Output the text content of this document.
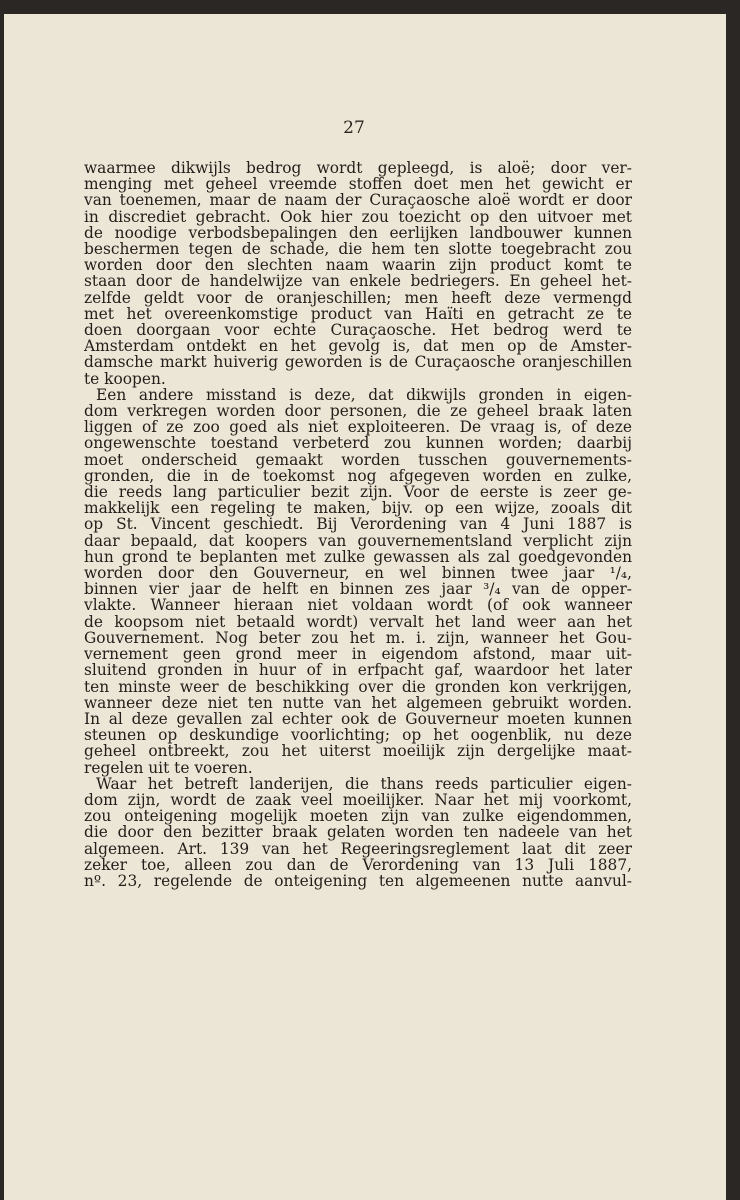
27
waarmee dikwijls bedrog wordt gepleegd, is aloë; door ver-
menging met geheel vreemde stoffen doet men het gewicht er
van toenemen, maar de naam der Curaçaosche aloë wordt er door
in discrediet gebracht. Ook hier zou toezicht op den uitvoer met
de noodige verbodsbepalingen den eerlijken landbouwer kunnen
beschermen tegen de schade, die hem ten slotte toegebracht zou
worden door den slechten naam waarin zijn product komt te
staan door de handelwijze van enkele bedriegers. En geheel het-
zelfde geldt voor de oranjeschillen; men heeft deze vermengd
met het overeenkomstige product van Haïti en getracht ze te
doen doorgaan voor echte Curaçaosche. Het bedrog werd te
Amsterdam ontdekt en het gevolg is, dat men op de Amster-
damsche markt huiverig geworden is de Curaçaosche oranjeschillen
te koopen.
Een andere misstand is deze, dat dikwijls gronden in eigen-
dom verkregen worden door personen, die ze geheel braak laten
liggen of ze zoo goed als niet exploiteeren. De vraag is, of deze
ongewenschte toestand verbeterd zou kunnen worden; daarbij
moet onderscheid gemaakt worden tusschen gouvernements-
gronden, die in de toekomst nog afgegeven worden en zulke,
die reeds lang particulier bezit zijn. Voor de eerste is zeer ge-
makkelijk een regeling te maken, bijv. op een wijze, zooals dit
op St. Vincent geschiedt. Bij Verordening van 4 Juni 1887 is
daar bepaald, dat koopers van gouvernementsland verplicht zijn
hun grond te beplanten met zulke gewassen als zal goedgevonden
worden door den Gouverneur, en wel binnen twee jaar ¹/₄,
binnen vier jaar de helft en binnen zes jaar ³/₄ van de opper-
vlakte. Wanneer hieraan niet voldaan wordt (of ook wanneer
de koopsom niet betaald wordt) vervalt het land weer aan het
Gouvernement. Nog beter zou het m. i. zijn, wanneer het Gou-
vernement geen grond meer in eigendom afstond, maar uit-
sluitend gronden in huur of in erfpacht gaf, waardoor het later
ten minste weer de beschikking over die gronden kon verkrijgen,
wanneer deze niet ten nutte van het algemeen gebruikt worden.
In al deze gevallen zal echter ook de Gouverneur moeten kunnen
steunen op deskundige voorlichting; op het oogenblik, nu deze
geheel ontbreekt, zou het uiterst moeilijk zijn dergelijke maat-
regelen uit te voeren.
Waar het betreft landerijen, die thans reeds particulier eigen-
dom zijn, wordt de zaak veel moeilijker. Naar het mij voorkomt,
zou onteigening mogelijk moeten zijn van zulke eigendommen,
die door den bezitter braak gelaten worden ten nadeele van het
algemeen. Art. 139 van het Regeeringsreglement laat dit zeer
zeker toe, alleen zou dan de Verordening van 13 Juli 1887,
nº. 23, regelende de onteigening ten algemeenen nutte aanvul-
